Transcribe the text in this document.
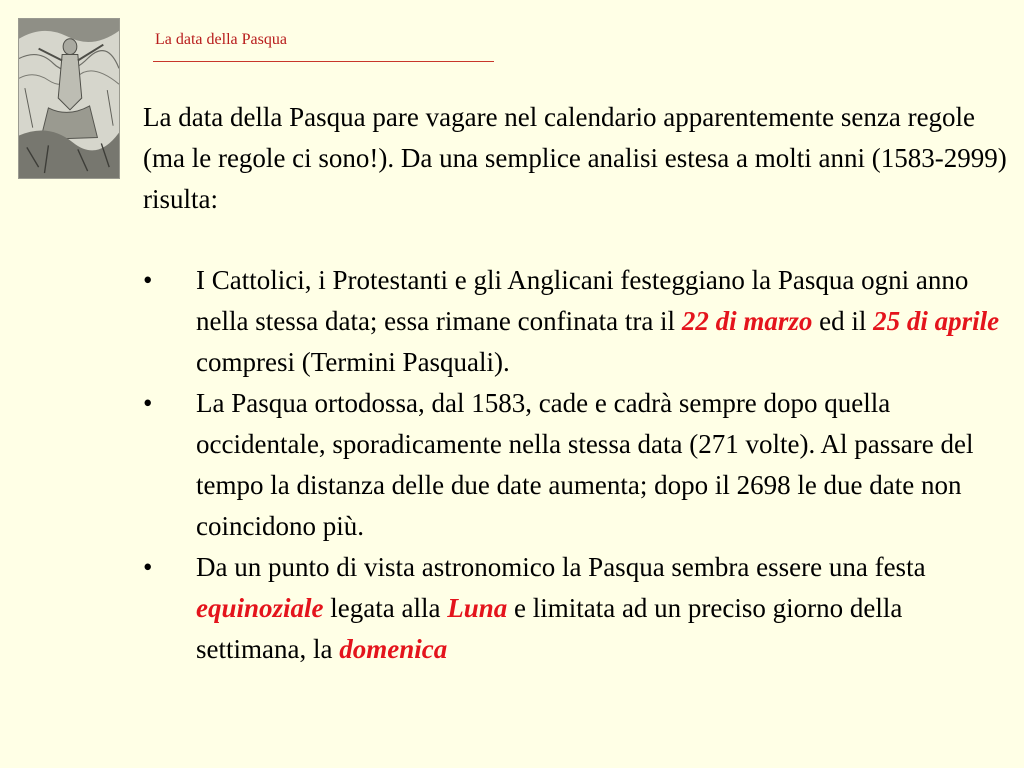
La data della Pasqua

La data della Pasqua pare vagare nel calendario apparentemente senza regole (ma le regole ci sono!). Da una semplice analisi estesa a molti anni (1583-2999) risulta:

• I Cattolici, i Protestanti e gli Anglicani festeggiano la Pasqua ogni anno nella stessa data; essa rimane confinata tra il 22 di marzo ed il 25 di aprile compresi (Termini Pasquali).
• La Pasqua ortodossa, dal 1583, cade e cadrà sempre dopo quella occidentale, sporadicamente nella stessa data (271 volte). Al passare del tempo la distanza delle due date aumenta; dopo il 2698 le due date non coincidono più.
• Da un punto di vista astronomico la Pasqua sembra essere una festa equinoziale legata alla Luna e limitata ad un preciso giorno della settimana, la domenica
